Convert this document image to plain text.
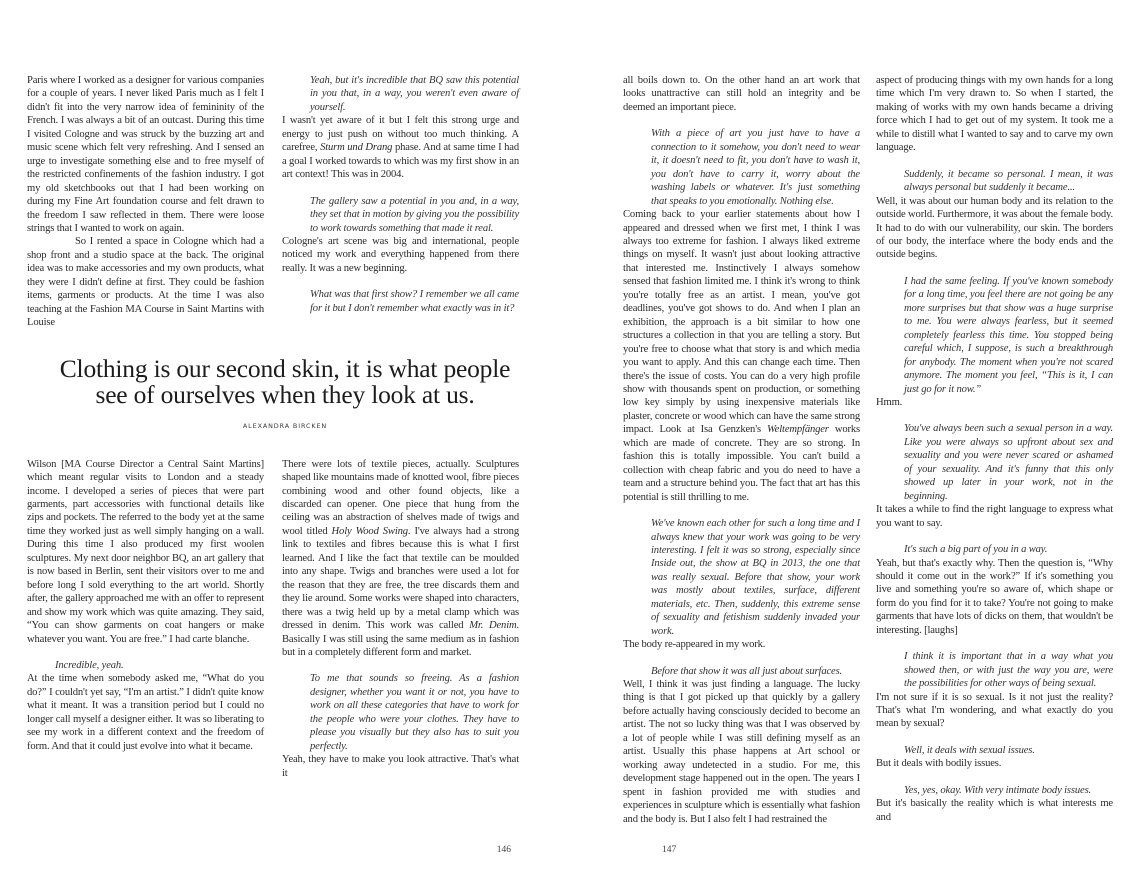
Paris where I worked as a designer for various companies for a couple of years. I never liked Paris much as I felt I didn't fit into the very narrow idea of femininity of the French. I was always a bit of an outcast. During this time I visited Cologne and was struck by the buzzing art and music scene which felt very refreshing. And I sensed an urge to investigate something else and to free myself of the restricted confinements of the fashion industry. I got my old sketchbooks out that I had been working on during my Fine Art foundation course and felt drawn to the freedom I saw reflected in them. There were loose strings that I wanted to work on again.

So I rented a space in Cologne which had a shop front and a studio space at the back. The original idea was to make accessories and my own products, what they were I didn't define at first. They could be fashion items, garments or products. At the time I was also teaching at the Fashion MA Course in Saint Martins with Louise

Yeah, but it's incredible that BQ saw this potential in you that, in a way, you weren't even aware of yourself.

I wasn't yet aware of it but I felt this strong urge and energy to just push on without too much thinking. A carefree, Sturm und Drang phase. And at same time I had a goal I worked towards to which was my first show in an art context! This was in 2004.

The gallery saw a potential in you and, in a way, they set that in motion by giving you the possibility to work towards something that made it real.

Cologne's art scene was big and international, people noticed my work and everything happened from there really. It was a new beginning.

What was that first show? I remember we all came for it but I don't remember what exactly was in it?

Clothing is our second skin, it is what people
see of ourselves when they look at us.
ALEXANDRA BIRCKEN

Wilson [MA Course Director a Central Saint Martins] which meant regular visits to London and a steady income. I developed a series of pieces that were part garments, part accessories with functional details like zips and pockets. The referred to the body yet at the same time they worked just as well simply hanging on a wall. During this time I also produced my first woolen sculptures. My next door neighbor BQ, an art gallery that is now based in Berlin, sent their visitors over to me and before long I sold everything to the art world. Shortly after, the gallery approached me with an offer to represent and show my work which was quite amazing. They said, “You can show garments on coat hangers or make whatever you want. You are free.” I had carte blanche.

Incredible, yeah.

At the time when somebody asked me, “What do you do?” I couldn't yet say, “I'm an artist.” I didn't quite know what it meant. It was a transition period but I could no longer call myself a designer either. It was so liberating to see my work in a different context and the freedom of form. And that it could just evolve into what it became.

There were lots of textile pieces, actually. Sculptures shaped like mountains made of knotted wool, fibre pieces combining wood and other found objects, like a discarded can opener. One piece that hung from the ceiling was an abstraction of shelves made of twigs and wool titled Holy Wood Swing. I've always had a strong link to textiles and fibres because this is what I first learned. And I like the fact that textile can be moulded into any shape. Twigs and branches were used a lot for the reason that they are free, the tree discards them and they lie around. Some works were shaped into characters, there was a twig held up by a metal clamp which was dressed in denim. This work was called Mr. Denim. Basically I was still using the same medium as in fashion but in a completely different form and market.

To me that sounds so freeing. As a fashion designer, whether you want it or not, you have to work on all these categories that have to work for the people who were your clothes. They have to please you visually but they also has to suit you perfectly.

Yeah, they have to make you look attractive. That's what it

146

all boils down to. On the other hand an art work that looks unattractive can still hold an integrity and be deemed an important piece.

With a piece of art you just have to have a connection to it somehow, you don't need to wear it, it doesn't need to fit, you don't have to wash it, you don't have to carry it, worry about the washing labels or whatever. It's just something that speaks to you emotionally. Nothing else.

Coming back to your earlier statements about how I appeared and dressed when we first met, I think I was always too extreme for fashion. I always liked extreme things on myself. It wasn't just about looking attractive that interested me. Instinctively I always somehow sensed that fashion limited me. I think it's wrong to think you're totally free as an artist. I mean, you've got deadlines, you've got shows to do. And when I plan an exhibition, the approach is a bit similar to how one structures a collection in that you are telling a story. But you're free to choose what that story is and which media you want to apply. And this can change each time. Then there's the issue of costs. You can do a very high profile show with thousands spent on production, or something low key simply by using inexpensive materials like plaster, concrete or wood which can have the same strong impact. Look at Isa Genzken's Weltempfänger works which are made of concrete. They are so strong. In fashion this is totally impossible. You can't build a collection with cheap fabric and you do need to have a team and a structure behind you. The fact that art has this potential is still thrilling to me.

We've known each other for such a long time and I always knew that your work was going to be very interesting. I felt it was so strong, especially since Inside out, the show at BQ in 2013, the one that was really sexual. Before that show, your work was mostly about textiles, surface, different materials, etc. Then, suddenly, this extreme sense of sexuality and fetishism suddenly invaded your work.

The body re-appeared in my work.

Before that show it was all just about surfaces.

Well, I think it was just finding a language. The lucky thing is that I got picked up that quickly by a gallery before actually having consciously decided to become an artist. The not so lucky thing was that I was observed by a lot of people while I was still defining myself as an artist. Usually this phase happens at Art school or working away undetected in a studio. For me, this development stage happened out in the open. The years I spent in fashion provided me with studies and experiences in sculpture which is essentially what fashion and the body is. But I also felt I had restrained the

aspect of producing things with my own hands for a long time which I'm very drawn to. So when I started, the making of works with my own hands became a driving force which I had to get out of my system. It took me a while to distill what I wanted to say and to carve my own language.

Suddenly, it became so personal. I mean, it was always personal but suddenly it became...

Well, it was about our human body and its relation to the outside world. Furthermore, it was about the female body. It had to do with our vulnerability, our skin. The borders of our body, the interface where the body ends and the outside begins.

I had the same feeling. If you've known somebody for a long time, you feel there are not going be any more surprises but that show was a huge surprise to me. You were always fearless, but it seemed completely fearless this time. You stopped being careful which, I suppose, is such a breakthrough for anybody. The moment when you're not scared anymore. The moment you feel, “This is it, I can just go for it now.”

Hmm.

You've always been such a sexual person in a way. Like you were always so upfront about sex and sexuality and you were never scared or ashamed of your sexuality. And it's funny that this only showed up later in your work, not in the beginning.

It takes a while to find the right language to express what you want to say.

It's such a big part of you in a way.

Yeah, but that's exactly why. Then the question is, “Why should it come out in the work?” If it's something you live and something you're so aware of, which shape or form do you find for it to take? You're not going to make garments that have lots of dicks on them, that wouldn't be interesting. [laughs]

I think it is important that in a way what you showed then, or with just the way you are, were the possibilities for other ways of being sexual.

I'm not sure if it is so sexual. Is it not just the reality? That's what I'm wondering, and what exactly do you mean by sexual?

Well, it deals with sexual issues.

But it deals with bodily issues.

Yes, yes, okay. With very intimate body issues.

But it's basically the reality which is what interests me and

147
